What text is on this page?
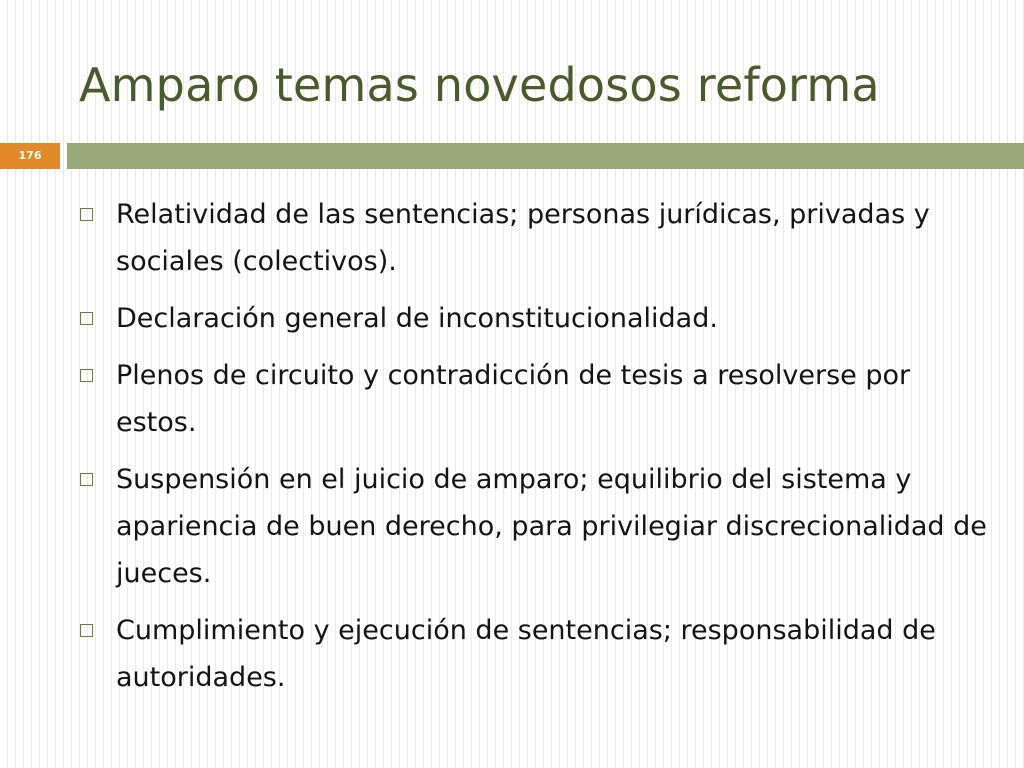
Amparo temas novedosos reforma
176
Relatividad de las sentencias; personas jurídicas, privadas y sociales (colectivos).
Declaración general de inconstitucionalidad.
Plenos de circuito y contradicción de tesis a resolverse por estos.
Suspensión en el juicio de amparo; equilibrio del sistema y apariencia de buen derecho, para privilegiar discrecionalidad de jueces.
Cumplimiento y ejecución de sentencias; responsabilidad de autoridades.
